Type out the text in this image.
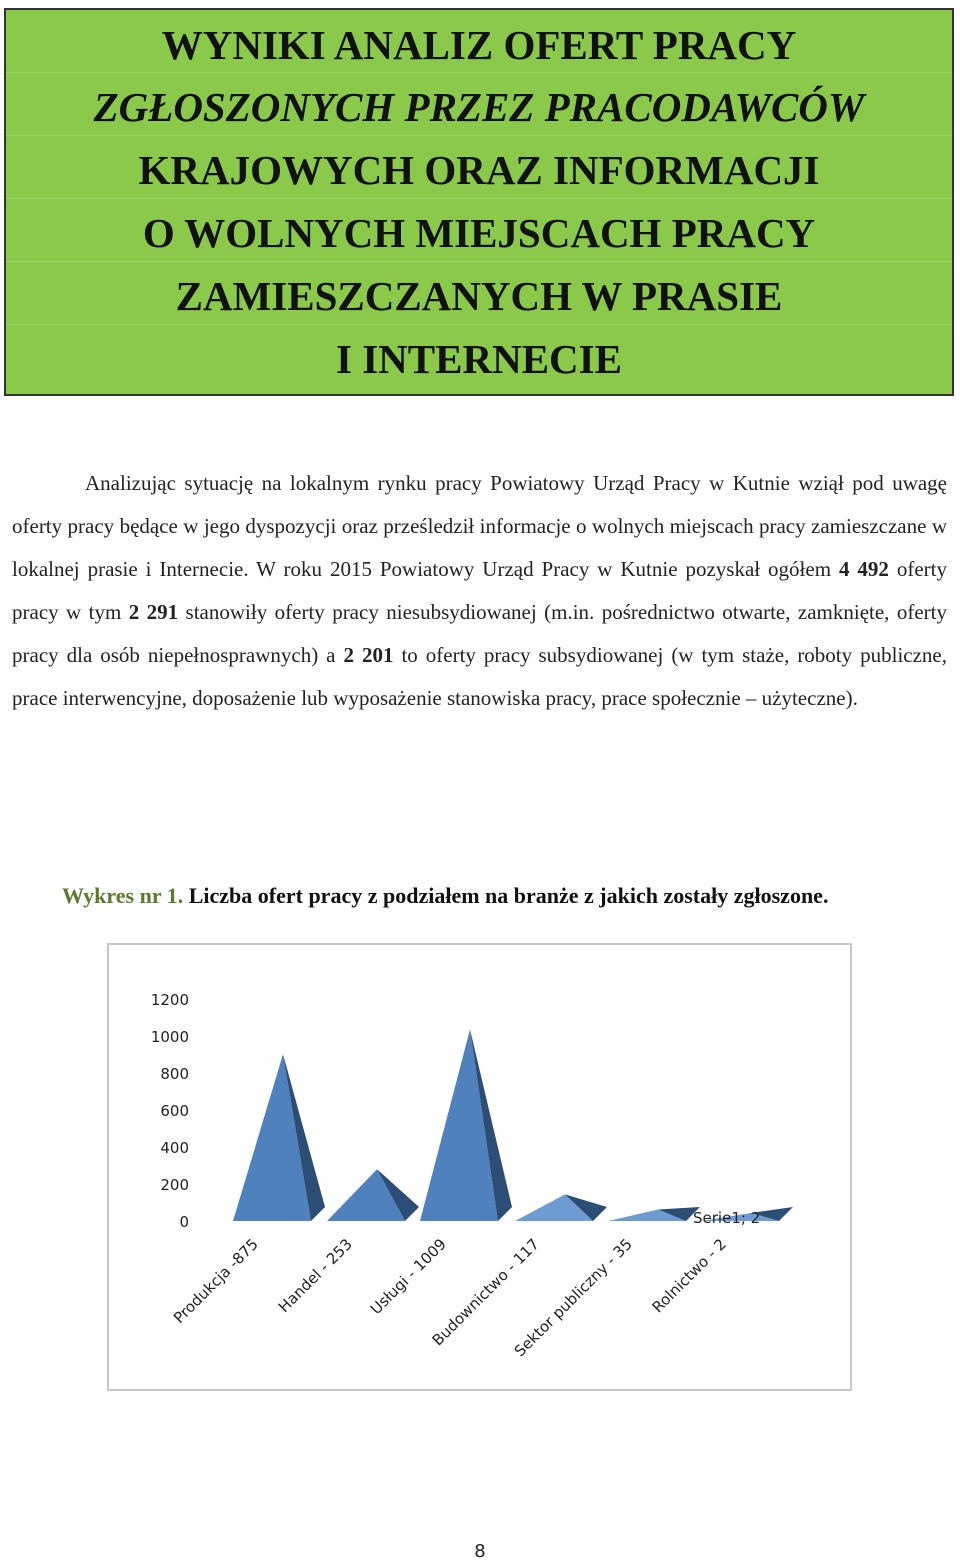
WYNIKI ANALIZ OFERT PRACY
ZGŁOSZONYCH PRZEZ PRACODAWCÓW
KRAJOWYCH ORAZ INFORMACJI
O WOLNYCH MIEJSCACH PRACY
ZAMIESZCZANYCH W PRASIE
I INTERNECIE

Analizując sytuację na lokalnym rynku pracy Powiatowy Urząd Pracy w Kutnie wziął pod uwagę oferty pracy będące w jego dyspozycji oraz prześledził informacje o wolnych miejscach pracy zamieszczane w lokalnej prasie i Internecie. W roku 2015 Powiatowy Urząd Pracy w Kutnie pozyskał ogółem 4 492 oferty pracy w tym 2 291 stanowiły oferty pracy niesubsydiowanej (m.in. pośrednictwo otwarte, zamknięte, oferty pracy dla osób niepełnosprawnych) a 2 201 to oferty pracy subsydiowanej (w tym staże, roboty publiczne, prace interwencyjne, doposażenie lub wyposażenie stanowiska pracy, prace społecznie – użyteczne).

Wykres nr 1. Liczba ofert pracy z podziałem na branże z jakich zostały zgłoszone.
1200
1000
800
600
400
200
0
Produkcja -875 Handel - 253 Usługi - 1009
Budownictwo - 117
Sektor publiczny - 35 Rolnictwo - 2
Serie1; 2
8
